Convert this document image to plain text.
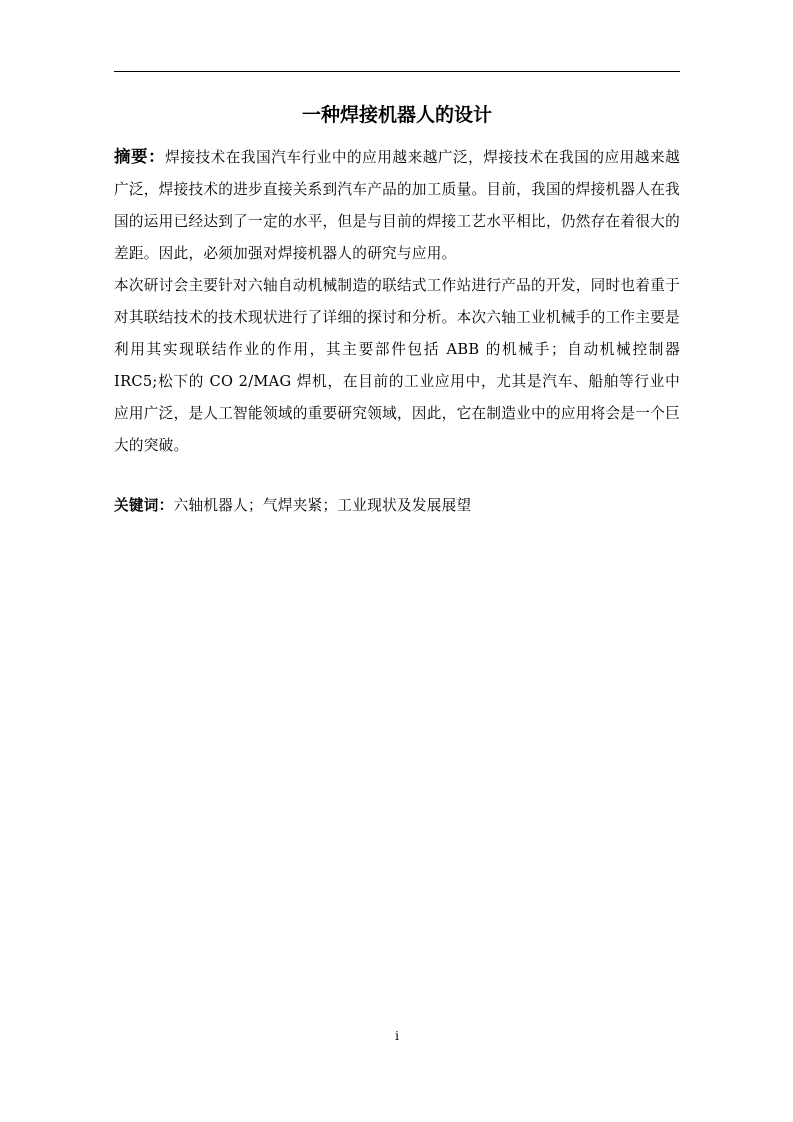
一种焊接机器人的设计

摘要：焊接技术在我国汽车行业中的应用越来越广泛，焊接技术在我国的应用越来越广泛，焊接技术的进步直接关系到汽车产品的加工质量。目前，我国的焊接机器人在我国的运用已经达到了一定的水平，但是与目前的焊接工艺水平相比，仍然存在着很大的差距。因此，必须加强对焊接机器人的研究与应用。

本次研讨会主要针对六轴自动机械制造的联结式工作站进行产品的开发，同时也着重于对其联结技术的技术现状进行了详细的探讨和分析。本次六轴工业机械手的工作主要是利用其实现联结作业的作用，其主要部件包括 ABB 的机械手；自动机械控制器 IRC5;松下的 CO 2/MAG 焊机，在目前的工业应用中，尤其是汽车、船舶等行业中应用广泛，是人工智能领域的重要研究领域，因此，它在制造业中的应用将会是一个巨大的突破。

关键词：六轴机器人；气焊夹紧；工业现状及发展展望

i
